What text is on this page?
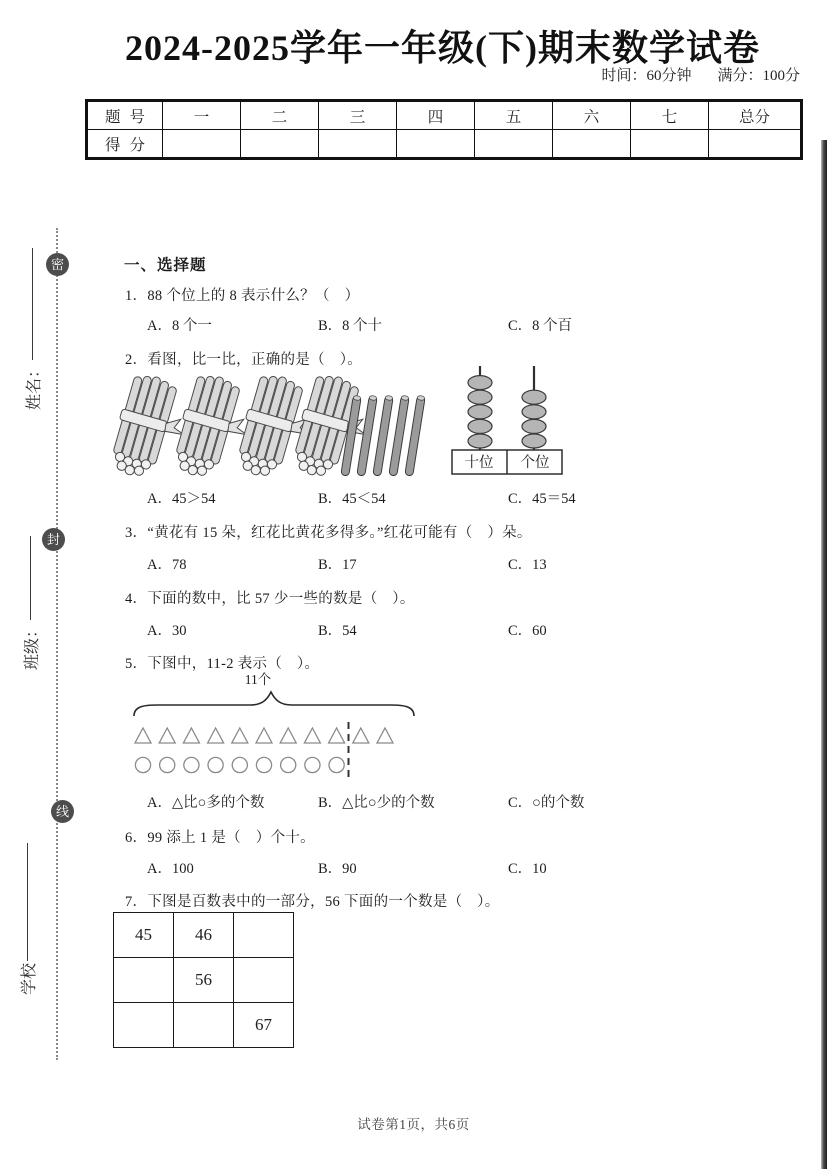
密
封
线
姓名：
班级：
学校
2024-2025学年一年级(下)期末数学试卷
时间：60分钟 满分：100分
题号	一	二	三	四	五	六	七	总分
得分								
一、选择题
1．88 个位上的 8 表示什么？（　）
A．8 个一	B．8 个十	C．8 个百
2．看图，比一比，正确的是（　）。
十位 个位
A．45＞54	B．45＜54	C．45＝54
3．“黄花有 15 朵，红花比黄花多得多。”红花可能有（　）朵。
A．78	B．17	C．13
4．下面的数中，比 57 少一些的数是（　）。
A．30	B．54	C．60
5．下图中，11-2 表示（　）。
11个
A．△比○多的个数	B．△比○少的个数	C．○的个数
6．99 添上 1 是（　）个十。
A．100	B．90	C．10
7．下图是百数表中的一部分，56 下面的一个数是（　）。
45	46	
	56	
		67
试卷第1页，共6页
